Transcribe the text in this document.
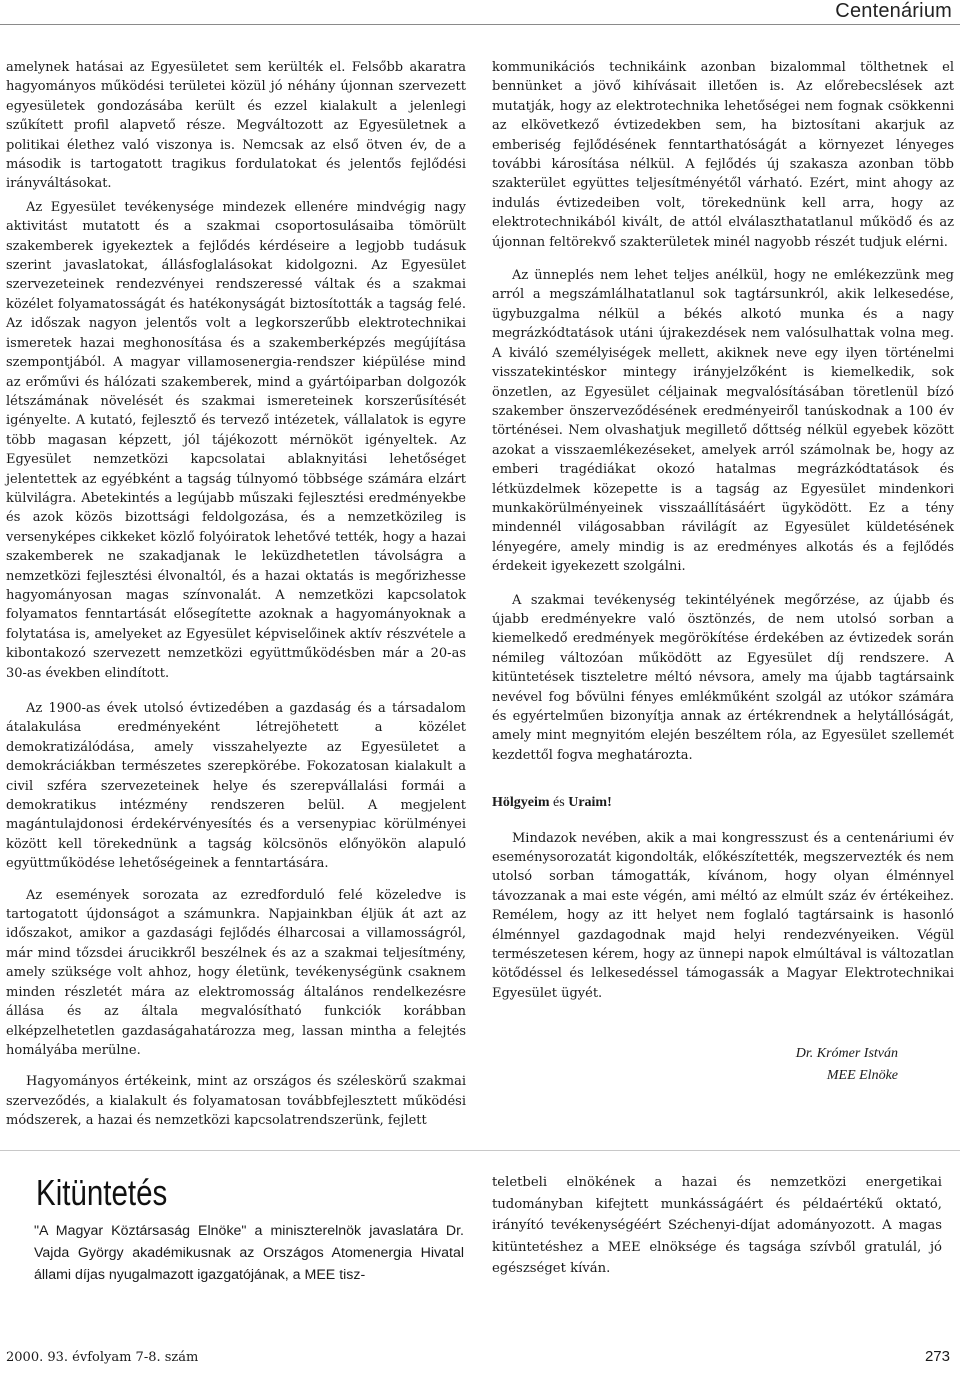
Centenárium

amelynek hatásai az Egyesületet sem kerülték el. Felsőbb akaratra hagyományos működési területei közül jó néhány újonnan szervezett egyesületek gondozásába került és ezzel kialakult a jelenlegi szűkített profil alapvető része. Megváltozott az Egyesületnek a politikai élethez való viszonya is. Nemcsak az első ötven év, de a második is tartogatott tragikus fordulatokat és jelentős fejlődési irányváltásokat.

Az Egyesület tevékenysége mindezek ellenére mindvégig nagy aktivitást mutatott és a szakmai csoportosulásaiba tömörült szakemberek igyekeztek a fejlődés kérdéseire a legjobb tudásuk szerint javaslatokat, állásfoglalásokat kidolgozni. Az Egyesület szervezeteinek rendezvényei rendszeressé váltak és a szakmai közélet folyamatosságát és hatékonyságát biztosították a tagság felé. Az időszak nagyon jelentős volt a legkorszerűbb elektrotechnikai ismeretek hazai meghonosítása és a szakemberképzés megújítása szempontjából. A magyar villamosenergia-rendszer kiépülése mind az erőművi és hálózati szakemberek, mind a gyártóiparban dolgozók létszámának növelését és szakmai ismereteinek korszerűsítését igényelte. A kutató, fejlesztő és tervező intézetek, vállalatok is egyre több magasan képzett, jól tájékozott mérnököt igényeltek. Az Egyesület nemzetközi kapcsolatai ablaknyitási lehetőséget jelentettek az egyébként a tagság túlnyomó többsége számára elzárt külvilágra. Abetekintés a legújabb műszaki fejlesztési eredményekbe és azok közös bizottsági feldolgozása, és a nemzetközileg is versenyképes cikkeket közlő folyóiratok lehetővé tették, hogy a hazai szakemberek ne szakadjanak le leküzdhetetlen távolságra a nemzetközi fejlesztési élvonaltól, és a hazai oktatás is megőrizhesse hagyományosan magas színvonalát. A nemzetközi kapcsolatok folyamatos fenntartását elősegítette azoknak a hagyományoknak a folytatása is, amelyeket az Egyesület képviselőinek aktív részvétele a kibontakozó szervezett nemzetközi együttműködésben már a 20-as 30-as években elindított.

Az 1900-as évek utolsó évtizedében a gazdaság és a társadalom átalakulása eredményeként létrejöhetett a közélet demokratizálódása, amely visszahelyezte az Egyesületet a demokráciákban természetes szerepkörébe. Fokozatosan kialakult a civil szféra szervezeteinek helye és szerepvállalási formái a demokratikus intézmény rendszeren belül. A megjelent magántulajdonosi érdekérvényesítés és a versenypiac körülményei között kell törekednünk a tagság kölcsönös előnyökön alapuló együttműködése lehetőségeinek a fenntartására.

Az események sorozata az ezredforduló felé közeledve is tartogatott újdonságot a számunkra. Napjainkban éljük át azt az időszakot, amikor a gazdasági fejlődés élharcosai a villamosságról, már mind tőzsdei árucikkről beszélnek és az a szakmai teljesítmény, amely szüksége volt ahhoz, hogy életünk, tevékenységünk csaknem minden részletét mára az elektromosság általános rendelkezésre állása és az általa megvalósítható funkciók korábban elképzelhetetlen gazdaságahatározza meg, lassan mintha a felejtés homályába merülne.

Hagyományos értékeink, mint az országos és széleskörű szakmai szerveződés, a kialakult és folyamatosan továbbfejlesztett működési módszerek, a hazai és nemzetközi kapcsolatrendszerünk, fejlett

kommunikációs technikáink azonban bizalommal tölthetnek el bennünket a jövő kihívásait illetően is. Az előrebecslések azt mutatják, hogy az elektrotechnika lehetőségei nem fognak csökkenni az elkövetkező évtizedekben sem, ha biztosítani akarjuk az emberiség fejlődésének fenntarthatóságát a környezet lényeges további károsítása nélkül. A fejlődés új szakasza azonban több szakterület együttes teljesítményétől várható. Ezért, mint ahogy az indulás évtizedeiben volt, törekednünk kell arra, hogy az elektrotechnikából kivált, de attól elválaszthatatlanul működő és az újonnan feltörekvő szakterületek minél nagyobb részét tudjuk elérni.

Az ünneplés nem lehet teljes anélkül, hogy ne emlékezzünk meg arról a megszámlálhatatlanul sok tagtársunkról, akik lelkesedése, ügybuzgalma nélkül a békés alkotó munka és a nagy megrázkódtatások utáni újrakezdések nem valósulhattak volna meg. A kiváló személyiségek mellett, akiknek neve egy ilyen történelmi visszatekintéskor mintegy irányjelzőként is kiemelkedik, sok önzetlen, az Egyesület céljainak megvalósításában töretlenül bízó szakember önszerveződésének eredményeiről tanúskodnak a 100 év történései. Nem olvashatjuk megillető dőttség nélkül egyebek között azokat a visszaemlékezéseket, amelyek arról számolnak be, hogy az emberi tragédiákat okozó hatalmas megrázkódtatások és létküzdelmek közepette is a tagság az Egyesület mindenkori munkakörülményeinek visszaállításáért ügyködött. Ez a tény mindennél világosabban rávilágít az Egyesület küldetésének lényegére, amely mindig is az eredményes alkotás és a fejlődés érdekeit igyekezett szolgálni.

A szakmai tevékenység tekintélyének megőrzése, az újabb és újabb eredményekre való ösztönzés, de nem utolsó sorban a kiemelkedő eredmények megörökítése érdekében az évtizedek során némileg változóan működött az Egyesület díj rendszere. A kitüntetések tiszteletre méltó névsora, amely ma újabb tagtársaink nevével fog bővülni fényes emlékműként szolgál az utókor számára és egyértelműen bizonyítja annak az értékrendnek a helytállóságát, amely mint megnyitóm elején beszéltem róla, az Egyesület szellemét kezdettől fogva meghatározta.

Hölgyeim és Uraim!

Mindazok nevében, akik a mai kongresszust és a centenáriumi év eseménysorozatát kigondolták, előkészítették, megszervezték és nem utolsó sorban támogatták, kívánom, hogy olyan élménnyel távozzanak a mai este végén, ami méltó az elmúlt száz év értékeihez. Remélem, hogy az itt helyet nem foglaló tagtársaink is hasonló élménnyel gazdagodnak majd helyi rendezvényeiken. Végül természetesen kérem, hogy az ünnepi napok elmúltával is változatlan kötődéssel és lelkesedéssel támogassák a Magyar Elektrotechnikai Egyesület ügyét.

Dr. Krómer István
MEE Elnöke

Kitüntetés
"A Magyar Köztársaság Elnöke" a miniszterelnök javaslatára Dr. Vajda György akadémikusnak az Országos Atomenergia Hivatal állami díjas nyugalmazott igazgatójának, a MEE tisz-
teletbeli elnökének a hazai és nemzetközi energetikai tudományban kifejtett munkásságáért és példaértékű oktató, irányító tevékenységéért Széchenyi-díjat adományozott. A magas kitüntetéshez a MEE elnöksége és tagsága szívből gratulál, jó egészséget kíván.
2000. 93. évfolyam 7-8. szám	273
